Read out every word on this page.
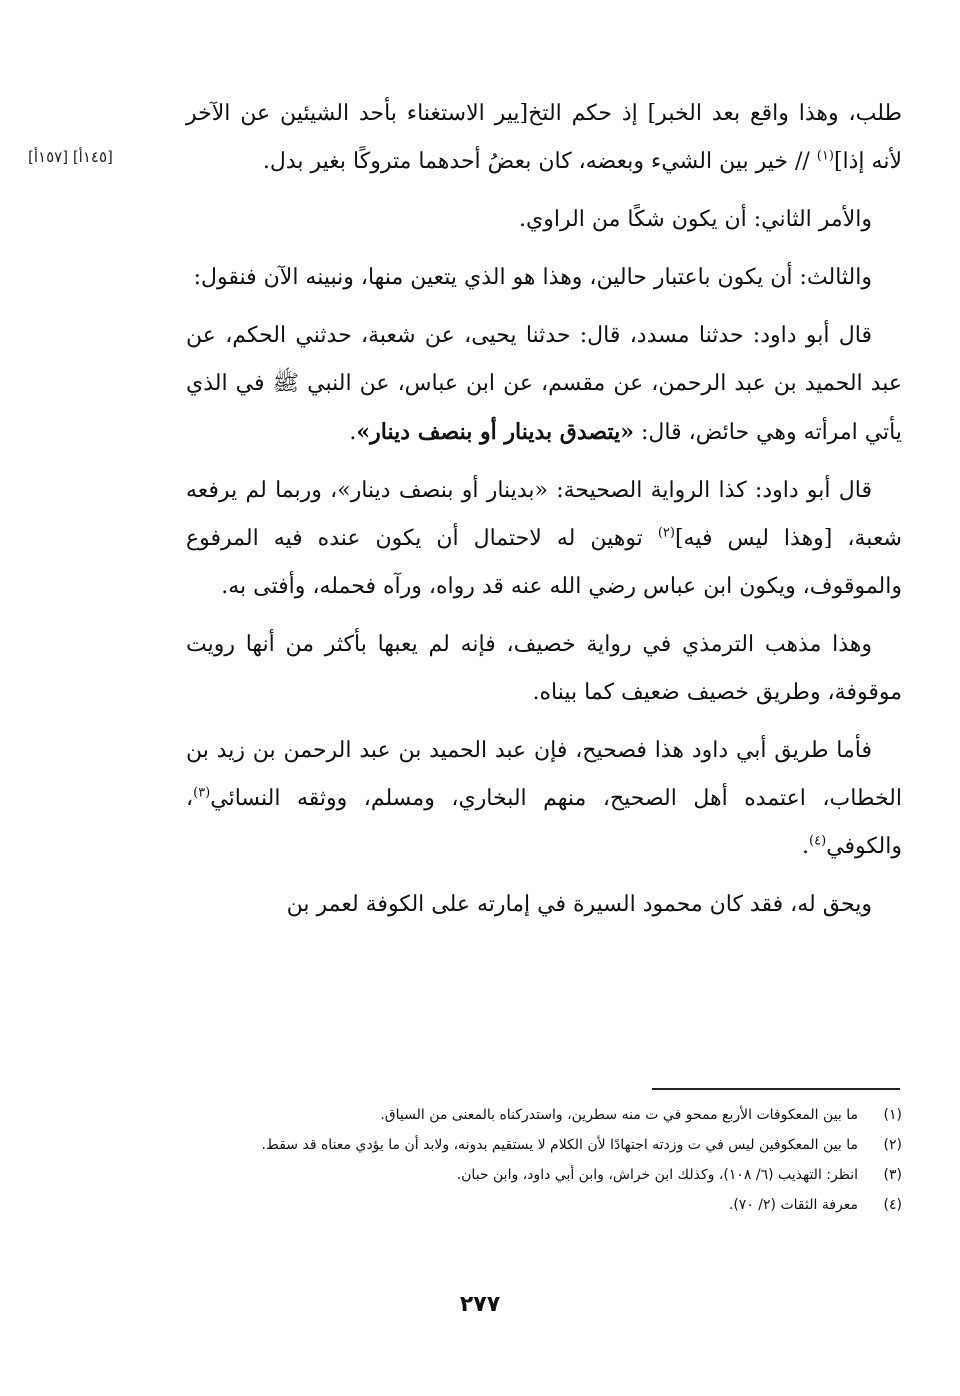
[١٤٥أ] [١٥٧أ]

طلب، وهذا واقع بعد الخبر] إذ حكم التخ[يير الاستغناء بأحد الشيئين عن الآخر لأنه إذا]$^{(١)}$ // خير بين الشيء وبعضه، كان بعضُ أحدهما متروكًا بغير بدل.

والأمر الثاني: أن يكون شكًا من الراوي.

والثالث: أن يكون باعتبار حالين، وهذا هو الذي يتعين منها، ونبينه الآن فنقول:

قال أبو داود: حدثنا مسدد، قال: حدثنا يحيى، عن شعبة، حدثني الحكم، عن عبد الحميد بن عبد الرحمن، عن مقسم، عن ابن عباس، عن النبي ﷺ في الذي يأتي امرأته وهي حائض، قال: «يتصدق بدينار أو بنصف دينار».

قال أبو داود: كذا الرواية الصحيحة: «بدينار أو بنصف دينار»، وربما لم يرفعه شعبة، [وهذا ليس فيه]$^{(٢)}$ توهين له لاحتمال أن يكون عنده فيه المرفوع والموقوف، ويكون ابن عباس رضي الله عنه قد رواه، ورآه فحمله، وأفتى به.

وهذا مذهب الترمذي في رواية خصيف، فإنه لم يعبها بأكثر من أنها رويت موقوفة، وطريق خصيف ضعيف كما بيناه.

فأما طريق أبي داود هذا فصحيح، فإن عبد الحميد بن عبد الرحمن بن زيد بن الخطاب، اعتمده أهل الصحيح، منهم البخاري، ومسلم، ووثقه النسائي$^{(٣)}$، والكوفي$^{(٤)}$.

ويحق له، فقد كان محمود السيرة في إمارته على الكوفة لعمر بن

(١)
ما بين المعكوفات الأربع ممحو في ت منه سطرين، واستدركناه بالمعنى من السياق.
(٢)
ما بين المعكوفين ليس في ت وزدته اجتهادًا لأن الكلام لا يستقيم بدونه، ولابد أن ما يؤدي معناه قد سقط.
(٣)
انظر: التهذيب (٦/ ١٠٨)، وكذلك ابن خراش، وابن أبي داود، وابن حبان.
(٤)
معرفة الثقات (٢/ ٧٠).
٢٧٧
